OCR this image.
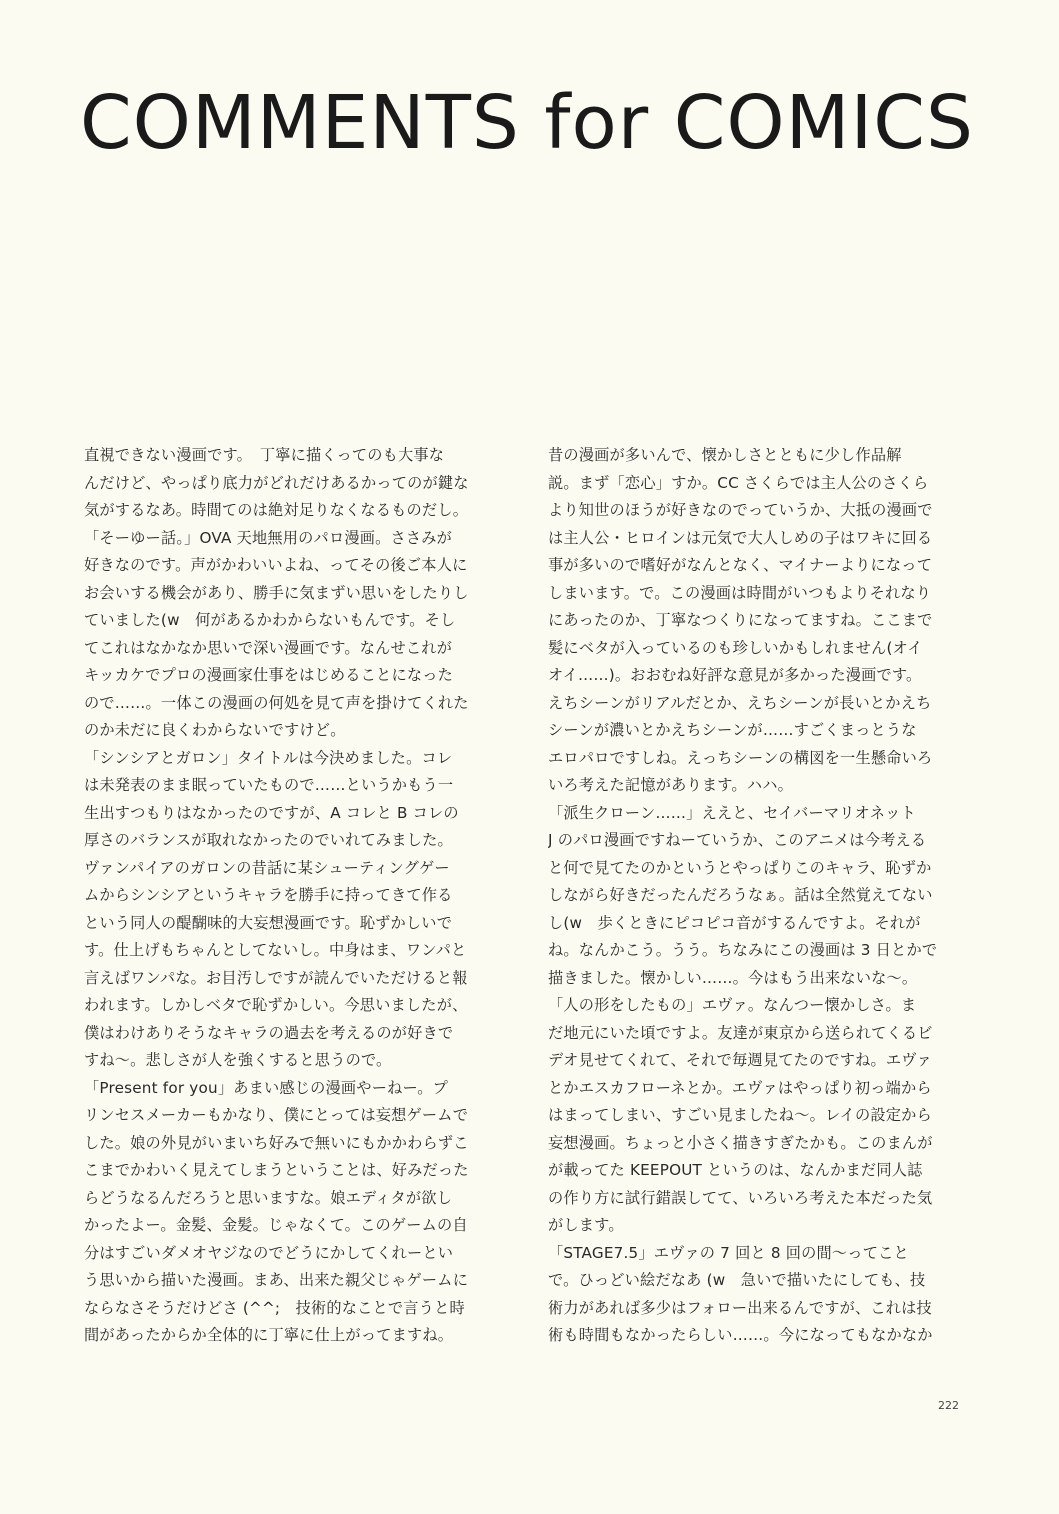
COMMENTS for COMICS
直視できない漫画です。　丁寧に描くってのも大事な
んだけど、やっぱり底力がどれだけあるかってのが鍵な
気がするなあ。時間てのは絶対足りなくなるものだし。
「そーゆー話。」OVA 天地無用のパロ漫画。ささみが
好きなのです。声がかわいいよね、ってその後ご本人に
お会いする機会があり、勝手に気まずい思いをしたりし
ていました(w　何があるかわからないもんです。そし
てこれはなかなか思いで深い漫画です。なんせこれが
キッカケでプロの漫画家仕事をはじめることになった
ので……。一体この漫画の何処を見て声を掛けてくれた
のか未だに良くわからないですけど。
「シンシアとガロン」タイトルは今決めました。コレ
は未発表のまま眠っていたもので……というかもう一
生出すつもりはなかったのですが、A コレと B コレの
厚さのバランスが取れなかったのでいれてみました。
ヴァンパイアのガロンの昔話に某シューティングゲー
ムからシンシアというキャラを勝手に持ってきて作る
という同人の醍醐味的大妄想漫画です。恥ずかしいで
す。仕上げもちゃんとしてないし。中身はま、ワンパと
言えばワンパな。お目汚しですが読んでいただけると報
われます。しかしベタで恥ずかしい。今思いましたが、
僕はわけありそうなキャラの過去を考えるのが好きで
すね～。悲しさが人を強くすると思うので。
「Present for you」あまい感じの漫画やーねー。プ
リンセスメーカーもかなり、僕にとっては妄想ゲームで
した。娘の外見がいまいち好みで無いにもかかわらずこ
こまでかわいく見えてしまうということは、好みだった
らどうなるんだろうと思いますな。娘エディタが欲し
かったよー。金髪、金髪。じゃなくて。このゲームの自
分はすごいダメオヤジなのでどうにかしてくれーとい
う思いから描いた漫画。まあ、出来た親父じゃゲームに
ならなさそうだけどさ (^^;　技術的なことで言うと時
間があったからか全体的に丁寧に仕上がってますね。
昔の漫画が多いんで、懐かしさとともに少し作品解
説。まず「恋心」すか。CC さくらでは主人公のさくら
より知世のほうが好きなのでっていうか、大抵の漫画で
は主人公・ヒロインは元気で大人しめの子はワキに回る
事が多いので嗜好がなんとなく、マイナーよりになって
しまいます。で。この漫画は時間がいつもよりそれなり
にあったのか、丁寧なつくりになってますね。ここまで
髪にベタが入っているのも珍しいかもしれません(オイ
オイ……)。おおむね好評な意見が多かった漫画です。
えちシーンがリアルだとか、えちシーンが長いとかえち
シーンが濃いとかえちシーンが……すごくまっとうな
エロパロですしね。えっちシーンの構図を一生懸命いろ
いろ考えた記憶があります。ハハ。
「派生クローン……」ええと、セイバーマリオネット
J のパロ漫画ですねーていうか、このアニメは今考える
と何で見てたのかというとやっぱりこのキャラ、恥ずか
しながら好きだったんだろうなぁ。話は全然覚えてない
し(w　歩くときにピコピコ音がするんですよ。それが
ね。なんかこう。うう。ちなみにこの漫画は 3 日とかで
描きました。懐かしい……。今はもう出来ないな～。
「人の形をしたもの」エヴァ。なんつー懐かしさ。ま
だ地元にいた頃ですよ。友達が東京から送られてくるビ
デオ見せてくれて、それで毎週見てたのですね。エヴァ
とかエスカフローネとか。エヴァはやっぱり初っ端から
はまってしまい、すごい見ましたね～。レイの設定から
妄想漫画。ちょっと小さく描きすぎたかも。このまんが
が載ってた KEEPOUT というのは、なんかまだ同人誌
の作り方に試行錯誤してて、いろいろ考えた本だった気
がします。
「STAGE7.5」エヴァの 7 回と 8 回の間～ってこと
で。ひっどい絵だなあ (w　急いで描いたにしても、技
術力があれば多少はフォロー出来るんですが、これは技
術も時間もなかったらしい……。今になってもなかなか
222
